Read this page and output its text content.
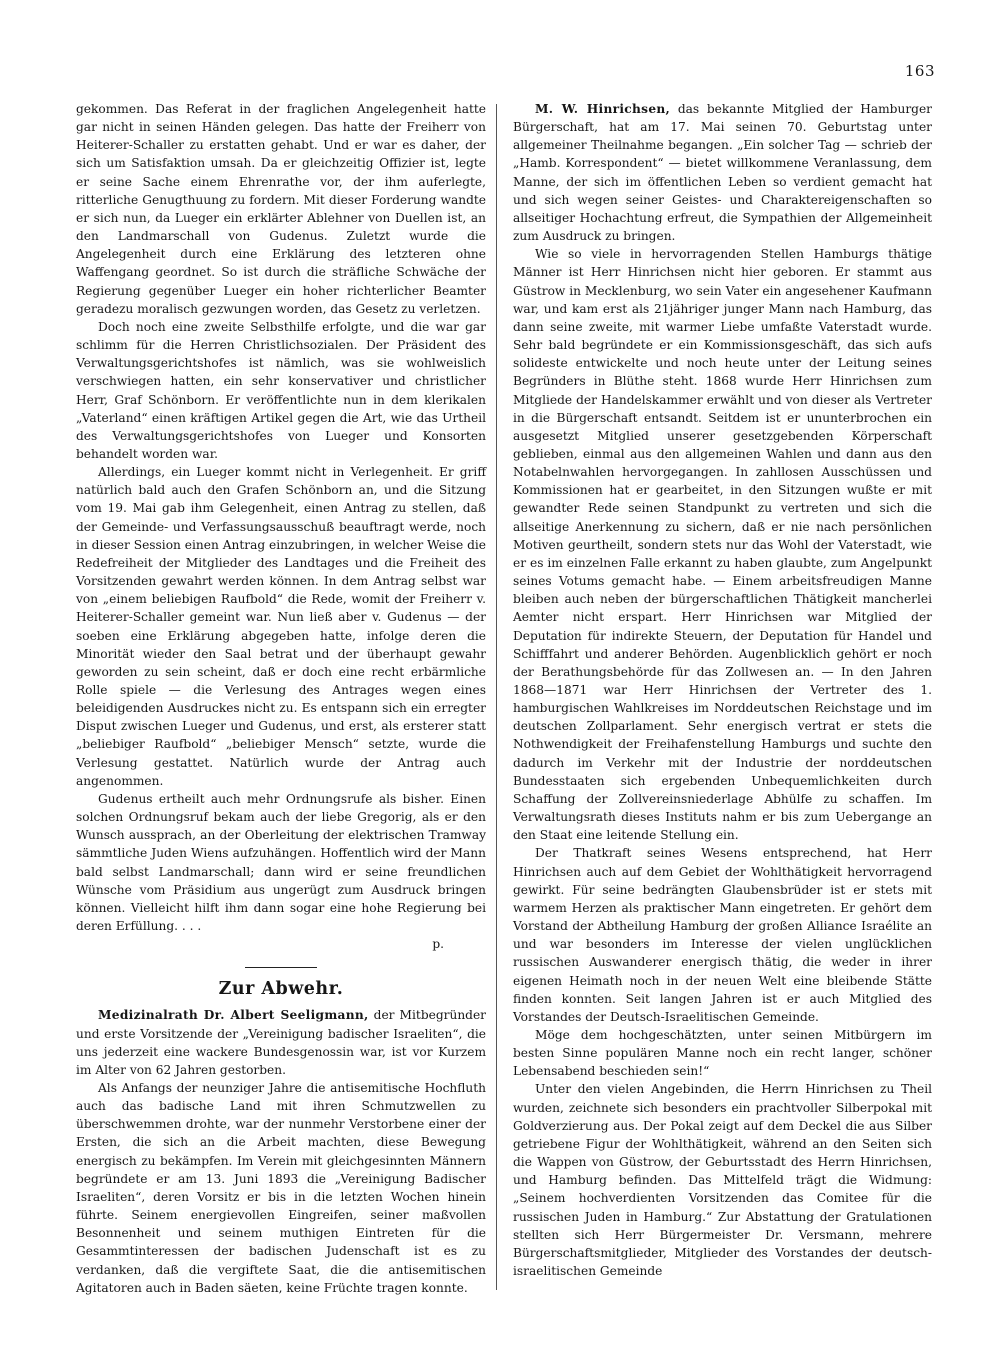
163

gekommen. Das Referat in der fraglichen Angelegenheit hatte gar nicht in seinen Händen gelegen. Das hatte der Freiherr von Heiterer-Schaller zu erstatten gehabt. Und er war es daher, der sich um Satisfaktion umsah. Da er gleichzeitig Offizier ist, legte er seine Sache einem Ehrenrathe vor, der ihm auferlegte, ritterliche Genugthuung zu fordern. Mit dieser Forderung wandte er sich nun, da Lueger ein erklärter Ablehner von Duellen ist, an den Landmarschall von Gudenus. Zuletzt wurde die Angelegenheit durch eine Erklärung des letzteren ohne Waffengang geordnet. So ist durch die sträfliche Schwäche der Regierung gegenüber Lueger ein hoher richterlicher Beamter geradezu moralisch gezwungen worden, das Gesetz zu verletzen.

Doch noch eine zweite Selbsthilfe erfolgte, und die war gar schlimm für die Herren Christlichsozialen. Der Präsident des Verwaltungsgerichtshofes ist nämlich, was sie wohlweislich verschwiegen hatten, ein sehr konservativer und christlicher Herr, Graf Schönborn. Er veröffentlichte nun in dem klerikalen „Vaterland“ einen kräftigen Artikel gegen die Art, wie das Urtheil des Verwaltungsgerichtshofes von Lueger und Konsorten behandelt worden war.

Allerdings, ein Lueger kommt nicht in Verlegenheit. Er griff natürlich bald auch den Grafen Schönborn an, und die Sitzung vom 19. Mai gab ihm Gelegenheit, einen Antrag zu stellen, daß der Gemeinde- und Verfassungsausschuß beauftragt werde, noch in dieser Session einen Antrag einzubringen, in welcher Weise die Redefreiheit der Mitglieder des Landtages und die Freiheit des Vorsitzenden gewahrt werden können. In dem Antrag selbst war von „einem beliebigen Raufbold“ die Rede, womit der Freiherr v. Heiterer-Schaller gemeint war. Nun ließ aber v. Gudenus — der soeben eine Erklärung abgegeben hatte, infolge deren die Minorität wieder den Saal betrat und der überhaupt gewahr geworden zu sein scheint, daß er doch eine recht erbärmliche Rolle spiele — die Verlesung des Antrages wegen eines beleidigenden Ausdruckes nicht zu. Es entspann sich ein erregter Disput zwischen Lueger und Gudenus, und erst, als ersterer statt „beliebiger Raufbold“ „beliebiger Mensch“ setzte, wurde die Verlesung gestattet. Natürlich wurde der Antrag auch angenommen.

Gudenus ertheilt auch mehr Ordnungsrufe als bisher. Einen solchen Ordnungsruf bekam auch der liebe Gregorig, als er den Wunsch aussprach, an der Oberleitung der elektrischen Tramway sämmtliche Juden Wiens aufzuhängen. Hoffentlich wird der Mann bald selbst Landmarschall; dann wird er seine freundlichen Wünsche vom Präsidium aus ungerügt zum Ausdruck bringen können. Vielleicht hilft ihm dann sogar eine hohe Regierung bei deren Erfüllung. . . .

p.

Zur Abwehr.

Medizinalrath Dr. Albert Seeligmann, der Mitbegründer und erste Vorsitzende der „Vereinigung badischer Israeliten“, die uns jederzeit eine wackere Bundesgenossin war, ist vor Kurzem im Alter von 62 Jahren gestorben.

Als Anfangs der neunziger Jahre die antisemitische Hochfluth auch das badische Land mit ihren Schmutzwellen zu überschwemmen drohte, war der nunmehr Verstorbene einer der Ersten, die sich an die Arbeit machten, diese Bewegung energisch zu bekämpfen. Im Verein mit gleichgesinnten Männern begründete er am 13. Juni 1893 die „Vereinigung Badischer Israeliten“, deren Vorsitz er bis in die letzten Wochen hinein führte. Seinem energievollen Eingreifen, seiner maßvollen Besonnenheit und seinem muthigen Eintreten für die Gesammtinteressen der badischen Judenschaft ist es zu verdanken, daß die vergiftete Saat, die die antisemitischen Agitatoren auch in Baden säeten, keine Früchte tragen konnte.

M. W. Hinrichsen, das bekannte Mitglied der Hamburger Bürgerschaft, hat am 17. Mai seinen 70. Geburtstag unter allgemeiner Theilnahme begangen. „Ein solcher Tag — schrieb der „Hamb. Korrespondent“ — bietet willkommene Veranlassung, dem Manne, der sich im öffentlichen Leben so verdient gemacht hat und sich wegen seiner Geistes- und Charaktereigenschaften so allseitiger Hochachtung erfreut, die Sympathien der Allgemeinheit zum Ausdruck zu bringen.

Wie so viele in hervorragenden Stellen Hamburgs thätige Männer ist Herr Hinrichsen nicht hier geboren. Er stammt aus Güstrow in Mecklenburg, wo sein Vater ein angesehener Kaufmann war, und kam erst als 21jähriger junger Mann nach Hamburg, das dann seine zweite, mit warmer Liebe umfaßte Vaterstadt wurde. Sehr bald begründete er ein Kommissionsgeschäft, das sich aufs solideste entwickelte und noch heute unter der Leitung seines Begründers in Blüthe steht. 1868 wurde Herr Hinrichsen zum Mitgliede der Handelskammer erwählt und von dieser als Vertreter in die Bürgerschaft entsandt. Seitdem ist er ununterbrochen ein ausgesetzt Mitglied unserer gesetzgebenden Körperschaft geblieben, einmal aus den allgemeinen Wahlen und dann aus den Notabelnwahlen hervorgegangen. In zahllosen Ausschüssen und Kommissionen hat er gearbeitet, in den Sitzungen wußte er mit gewandter Rede seinen Standpunkt zu vertreten und sich die allseitige Anerkennung zu sichern, daß er nie nach persönlichen Motiven geurtheilt, sondern stets nur das Wohl der Vaterstadt, wie er es im einzelnen Falle erkannt zu haben glaubte, zum Angelpunkt seines Votums gemacht habe. — Einem arbeitsfreudigen Manne bleiben auch neben der bürgerschaftlichen Thätigkeit mancherlei Aemter nicht erspart. Herr Hinrichsen war Mitglied der Deputation für indirekte Steuern, der Deputation für Handel und Schifffahrt und anderer Behörden. Augenblicklich gehört er noch der Berathungsbehörde für das Zollwesen an. — In den Jahren 1868—1871 war Herr Hinrichsen der Vertreter des 1. hamburgischen Wahlkreises im Norddeutschen Reichstage und im deutschen Zollparlament. Sehr energisch vertrat er stets die Nothwendigkeit der Freihafenstellung Hamburgs und suchte den dadurch im Verkehr mit der Industrie der norddeutschen Bundesstaaten sich ergebenden Unbequemlichkeiten durch Schaffung der Zollvereinsniederlage Abhülfe zu schaffen. Im Verwaltungsrath dieses Instituts nahm er bis zum Uebergange an den Staat eine leitende Stellung ein.

Der Thatkraft seines Wesens entsprechend, hat Herr Hinrichsen auch auf dem Gebiet der Wohlthätigkeit hervorragend gewirkt. Für seine bedrängten Glaubensbrüder ist er stets mit warmem Herzen als praktischer Mann eingetreten. Er gehört dem Vorstand der Abtheilung Hamburg der großen Alliance Israélite an und war besonders im Interesse der vielen unglücklichen russischen Auswanderer energisch thätig, die weder in ihrer eigenen Heimath noch in der neuen Welt eine bleibende Stätte finden konnten. Seit langen Jahren ist er auch Mitglied des Vorstandes der Deutsch-Israelitischen Gemeinde.

Möge dem hochgeschätzten, unter seinen Mitbürgern im besten Sinne populären Manne noch ein recht langer, schöner Lebensabend beschieden sein!“

Unter den vielen Angebinden, die Herrn Hinrichsen zu Theil wurden, zeichnete sich besonders ein prachtvoller Silberpokal mit Goldverzierung aus. Der Pokal zeigt auf dem Deckel die aus Silber getriebene Figur der Wohlthätigkeit, während an den Seiten sich die Wappen von Güstrow, der Geburtsstadt des Herrn Hinrichsen, und Hamburg befinden. Das Mittelfeld trägt die Widmung: „Seinem hochverdienten Vorsitzenden das Comitee für die russischen Juden in Hamburg.“ Zur Abstattung der Gratulationen stellten sich Herr Bürgermeister Dr. Versmann, mehrere Bürgerschaftsmitglieder, Mitglieder des Vorstandes der deutsch-israelitischen Gemeinde
